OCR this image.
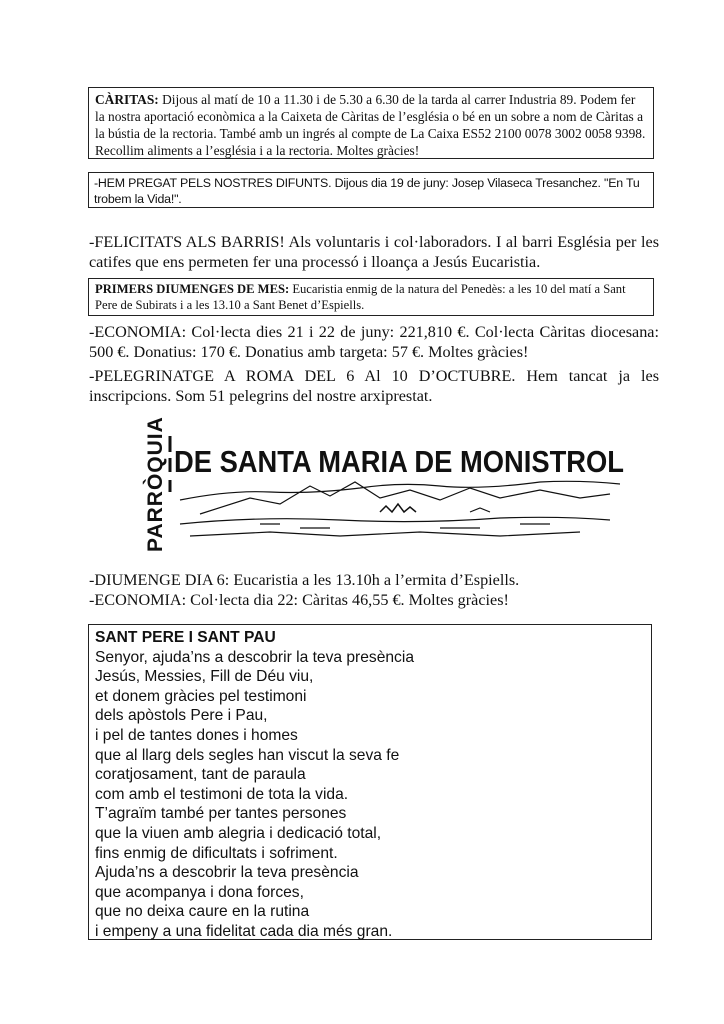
CÀRITAS: Dijous al matí de 10 a 11.30 i de 5.30 a 6.30 de la tarda al carrer Industria 89. Podem fer la nostra aportació econòmica a la Caixeta de Càritas de l’església o bé en un sobre a nom de Càritas a la bústia de la rectoria. També amb un ingrés al compte de La Caixa ES52 2100 0078 3002 0058 9398. Recollim aliments a l’església i a la rectoria. Moltes gràcies!
-HEM PREGAT PELS NOSTRES DIFUNTS. Dijous dia 19 de juny: Josep Vilaseca Tresanchez. "En Tu trobem la Vida!".
-FELICITATS ALS BARRIS! Als voluntaris i col·laboradors. I al barri Església per les catifes que ens permeten fer una processó i lloança a Jesús Eucaristia.
PRIMERS DIUMENGES DE MES: Eucaristia enmig de la natura del Penedès: a les 10 del matí a Sant Pere de Subirats i a les 13.10 a Sant Benet d’Espiells.
-ECONOMIA: Col·lecta dies 21 i 22 de juny: 221,810 €. Col·lecta Càritas diocesana: 500 €. Donatius: 170 €. Donatius amb targeta: 57 €. Moltes gràcies!
-PELEGRINATGE A ROMA DEL 6 Al 10 D’OCTUBRE. Hem tancat ja les inscripcions. Som 51 pelegrins del nostre arxiprestat.
PARRÒQUIA DE SANTA MARIA DE MONISTROL
-DIUMENGE DIA 6: Eucaristia a les 13.10h a l’ermita d’Espiells.
-ECONOMIA: Col·lecta dia 22: Càritas 46,55 €. Moltes gràcies!
SANT PERE I SANT PAU
Senyor, ajuda’ns a descobrir la teva presència
Jesús, Messies, Fill de Déu viu,
et donem gràcies pel testimoni
dels apòstols Pere i Pau,
i pel de tantes dones i homes
que al llarg dels segles han viscut la seva fe
coratjosament, tant de paraula
com amb el testimoni de tota la vida.
T’agraïm també per tantes persones
que la viuen amb alegria i dedicació total,
fins enmig de dificultats i sofriment.
Ajuda’ns a descobrir la teva presència
que acompanya i dona forces,
que no deixa caure en la rutina
i empeny a una fidelitat cada dia més gran.
